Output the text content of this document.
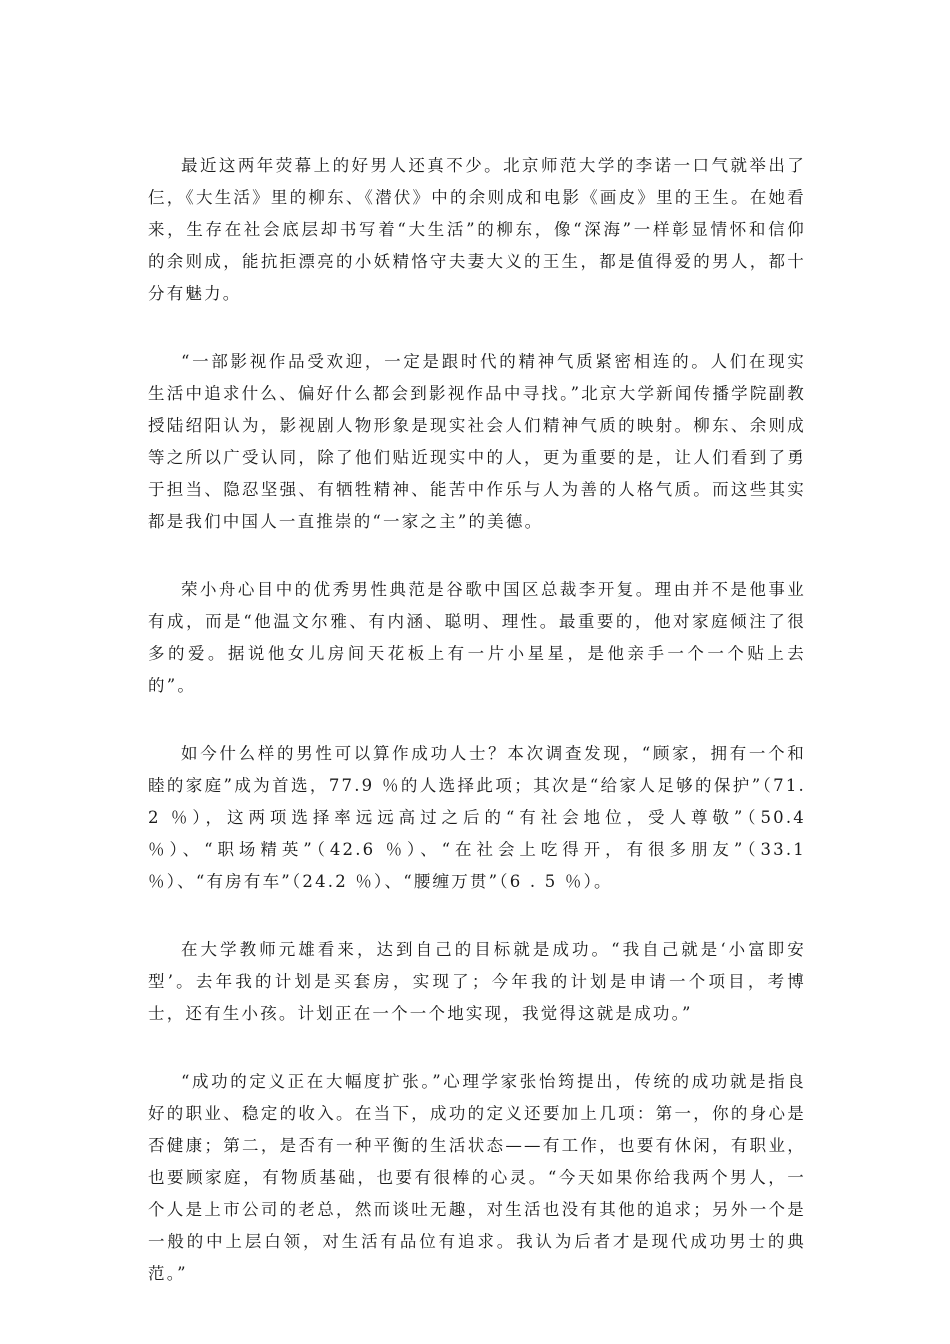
最近这两年荧幕上的好男人还真不少。北京师范大学的李诺一口气就举出了仨，《大生活》里的柳东、《潜伏》中的余则成和电影《画皮》里的王生。在她看来，生存在社会底层却书写着“大生活”的柳东，像“深海”一样彰显情怀和信仰的余则成，能抗拒漂亮的小妖精恪守夫妻大义的王生，都是值得爱的男人，都十分有魅力。

“一部影视作品受欢迎，一定是跟时代的精神气质紧密相连的。人们在现实生活中追求什么、偏好什么都会到影视作品中寻找。”北京大学新闻传播学院副教授陆绍阳认为，影视剧人物形象是现实社会人们精神气质的映射。柳东、余则成等之所以广受认同，除了他们贴近现实中的人，更为重要的是，让人们看到了勇于担当、隐忍坚强、有牺牲精神、能苦中作乐与人为善的人格气质。而这些其实都是我们中国人一直推崇的“一家之主”的美德。

荣小舟心目中的优秀男性典范是谷歌中国区总裁李开复。理由并不是他事业有成，而是“他温文尔雅、有内涵、聪明、理性。最重要的，他对家庭倾注了很多的爱。据说他女儿房间天花板上有一片小星星，是他亲手一个一个贴上去的”。

如今什么样的男性可以算作成功人士？本次调查发现，“顾家，拥有一个和睦的家庭”成为首选，77.9 ％的人选择此项；其次是“给家人足够的保护”（71.2 ％），这两项选择率远远高过之后的“有社会地位，受人尊敬”（50.4 ％）、“职场精英”（42.6 ％）、“在社会上吃得开，有很多朋友”（33.1 ％）、“有房有车”（24.2 ％）、“腰缠万贯”（6 . 5 ％）。

在大学教师元雄看来，达到自己的目标就是成功。“我自己就是‘小富即安型’。去年我的计划是买套房，实现了；今年我的计划是申请一个项目，考博士，还有生小孩。计划正在一个一个地实现，我觉得这就是成功。”

“成功的定义正在大幅度扩张。”心理学家张怡筠提出，传统的成功就是指良好的职业、稳定的收入。在当下，成功的定义还要加上几项：第一，你的身心是否健康；第二，是否有一种平衡的生活状态——有工作，也要有休闲，有职业，也要顾家庭，有物质基础，也要有很棒的心灵。“今天如果你给我两个男人，一个人是上市公司的老总，然而谈吐无趣，对生活也没有其他的追求；另外一个是一般的中上层白领，对生活有品位有追求。我认为后者才是现代成功男士的典范。”
